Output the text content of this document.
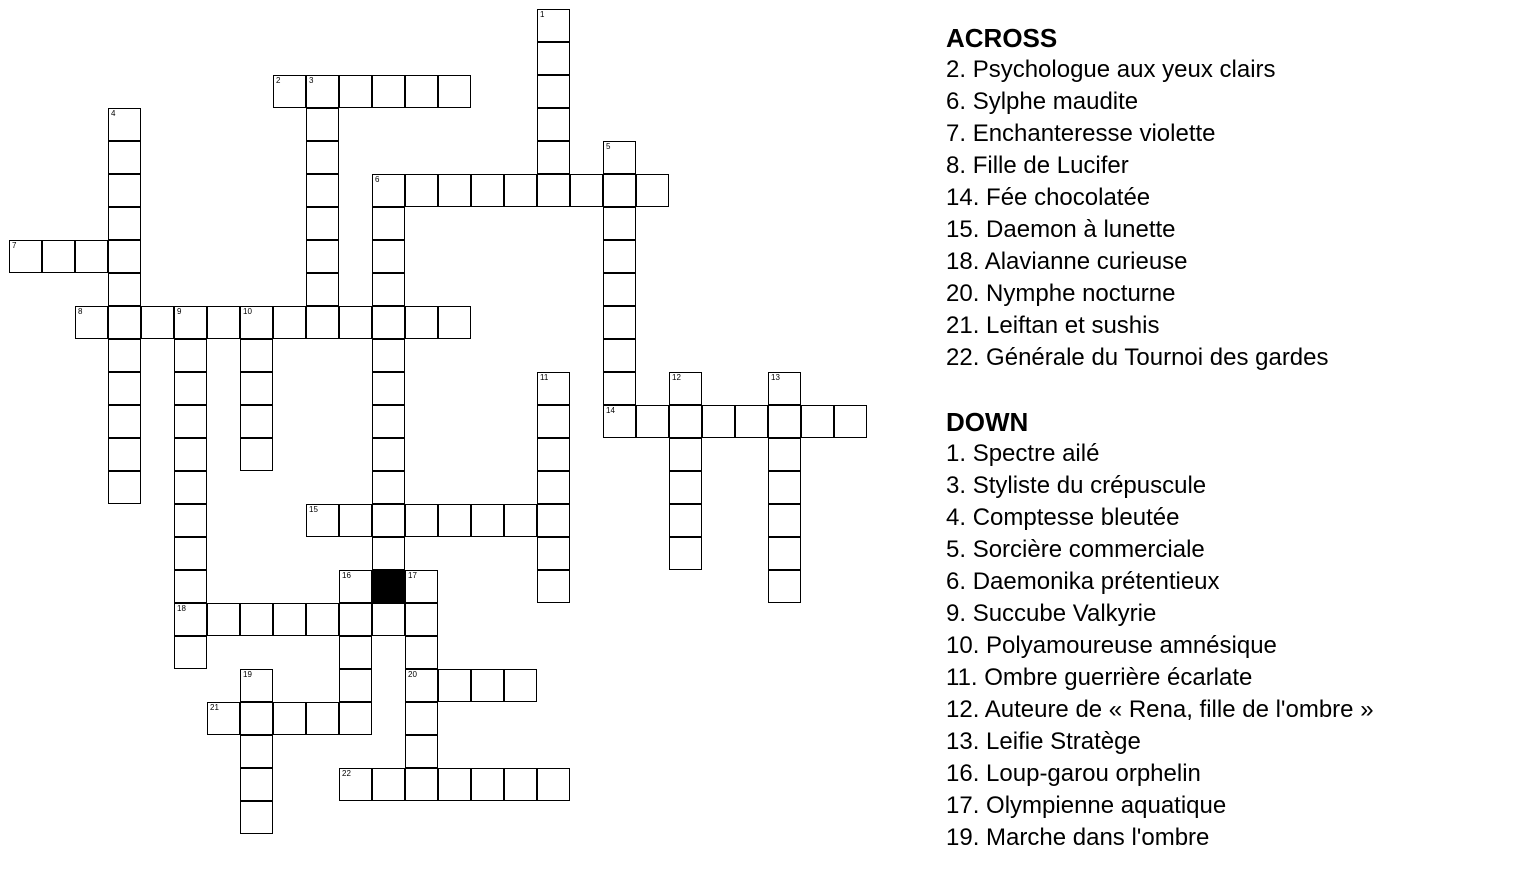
1
2	3
4
5
14
6
7
8	9	10
18
11	12	13
15
16	17
20
19
21
22
ACROSS
2. Psychologue aux yeux clairs
6. Sylphe maudite
7. Enchanteresse violette
8. Fille de Lucifer
14. Fée chocolatée
15. Daemon à lunette
18. Alavianne curieuse
20. Nymphe nocturne
21. Leiftan et sushis
22. Générale du Tournoi des gardes
DOWN
1. Spectre ailé
3. Styliste du crépuscule
4. Comptesse bleutée
5. Sorcière commerciale
6. Daemonika prétentieux
9. Succube Valkyrie
10. Polyamoureuse amnésique
11. Ombre guerrière écarlate
12. Auteure de « Rena, fille de l'ombre »
13. Leifie Stratège
16. Loup-garou orphelin
17. Olympienne aquatique
19. Marche dans l'ombre
